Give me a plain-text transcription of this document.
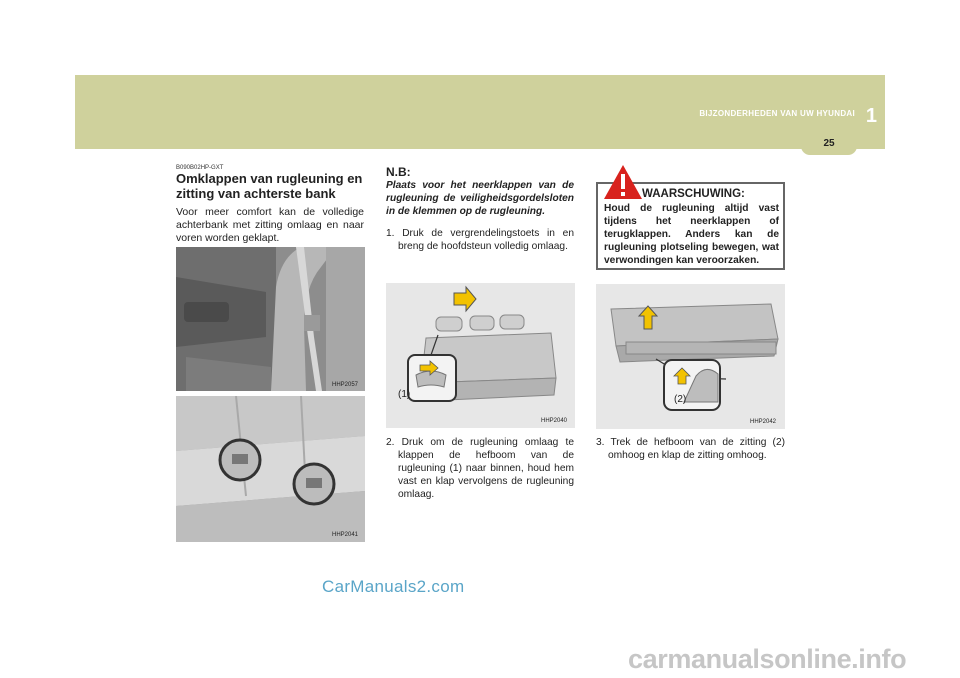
BIJZONDERHEDEN VAN UW HYUNDAI 1
25

B090B02HP-GXT

Omklappen van rugleuning en zitting van achterste bank

Voor meer comfort kan de volledige achterbank met zitting omlaag en naar voren worden geklapt.

HHP2057
HHP2041

N.B:

Plaats voor het neerklappen van de rugleuning de veiligheidsgordelsloten in de klemmen op de rugleuning.

1. Druk de vergrendelingstoets in en breng de hoofdsteun volledig omlaag.

(1)
HHP2040

2. Druk om de rugleuning omlaag te klappen de hefboom van de rugleuning (1) naar binnen, houd hem vast en klap vervolgens de rugleuning omlaag.

WAARSCHUWING:
Houd de rugleuning altijd vast tijdens het neerklappen of terugklappen. Anders kan de rugleuning plotseling bewegen, wat verwondingen kan veroorzaken.
(2)
HHP2042

3. Trek de hefboom van de zitting (2) omhoog en klap de zitting omhoog.

CarManuals2.com
carmanualsonline.info
